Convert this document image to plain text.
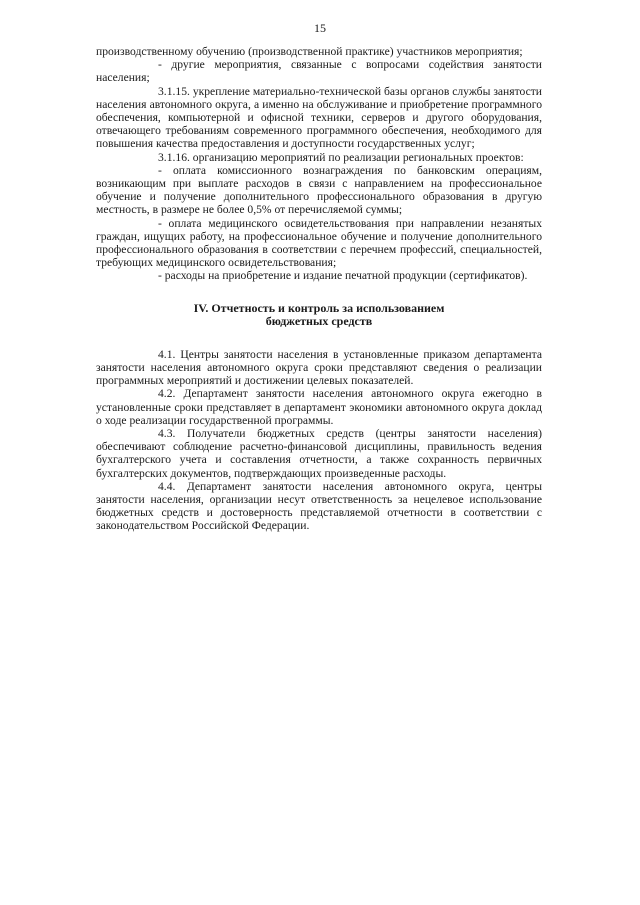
15

производственному обучению (производственной практике) участников мероприятия;

- другие мероприятия, связанные с вопросами содействия занятости населения;

3.1.15. укрепление материально-технической базы органов службы занятости населения автономного округа, а именно на обслуживание и приобретение программного обеспечения, компьютерной и офисной техники, серверов и другого оборудования, отвечающего требованиям современного программного обеспечения, необходимого для повышения качества предоставления и доступности государственных услуг;

3.1.16. организацию мероприятий по реализации региональных проектов:

- оплата комиссионного вознаграждения по банковским операциям, возникающим при выплате расходов в связи с направлением на профессиональное обучение и получение дополнительного профессионального образования в другую местность, в размере не более 0,5% от перечисляемой суммы;

- оплата медицинского освидетельствования при направлении незанятых граждан, ищущих работу, на профессиональное обучение и получение дополнительного профессионального образования в соответствии с перечнем профессий, специальностей, требующих медицинского освидетельствования;

- расходы на приобретение и издание печатной продукции (сертификатов).

IV. Отчетность и контроль за использованием
бюджетных средств

4.1. Центры занятости населения в установленные приказом департамента занятости населения автономного округа сроки представляют сведения о реализации программных мероприятий и достижении целевых показателей.

4.2. Департамент занятости населения автономного округа ежегодно в установленные сроки представляет в департамент экономики автономного округа доклад о ходе реализации государственной программы.

4.3. Получатели бюджетных средств (центры занятости населения) обеспечивают соблюдение расчетно-финансовой дисциплины, правильность ведения бухгалтерского учета и составления отчетности, а также сохранность первичных бухгалтерских документов, подтверждающих произведенные расходы.

4.4. Департамент занятости населения автономного округа, центры занятости населения, организации несут ответственность за нецелевое использование бюджетных средств и достоверность представляемой отчетности в соответствии с законодательством Российской Федерации.
